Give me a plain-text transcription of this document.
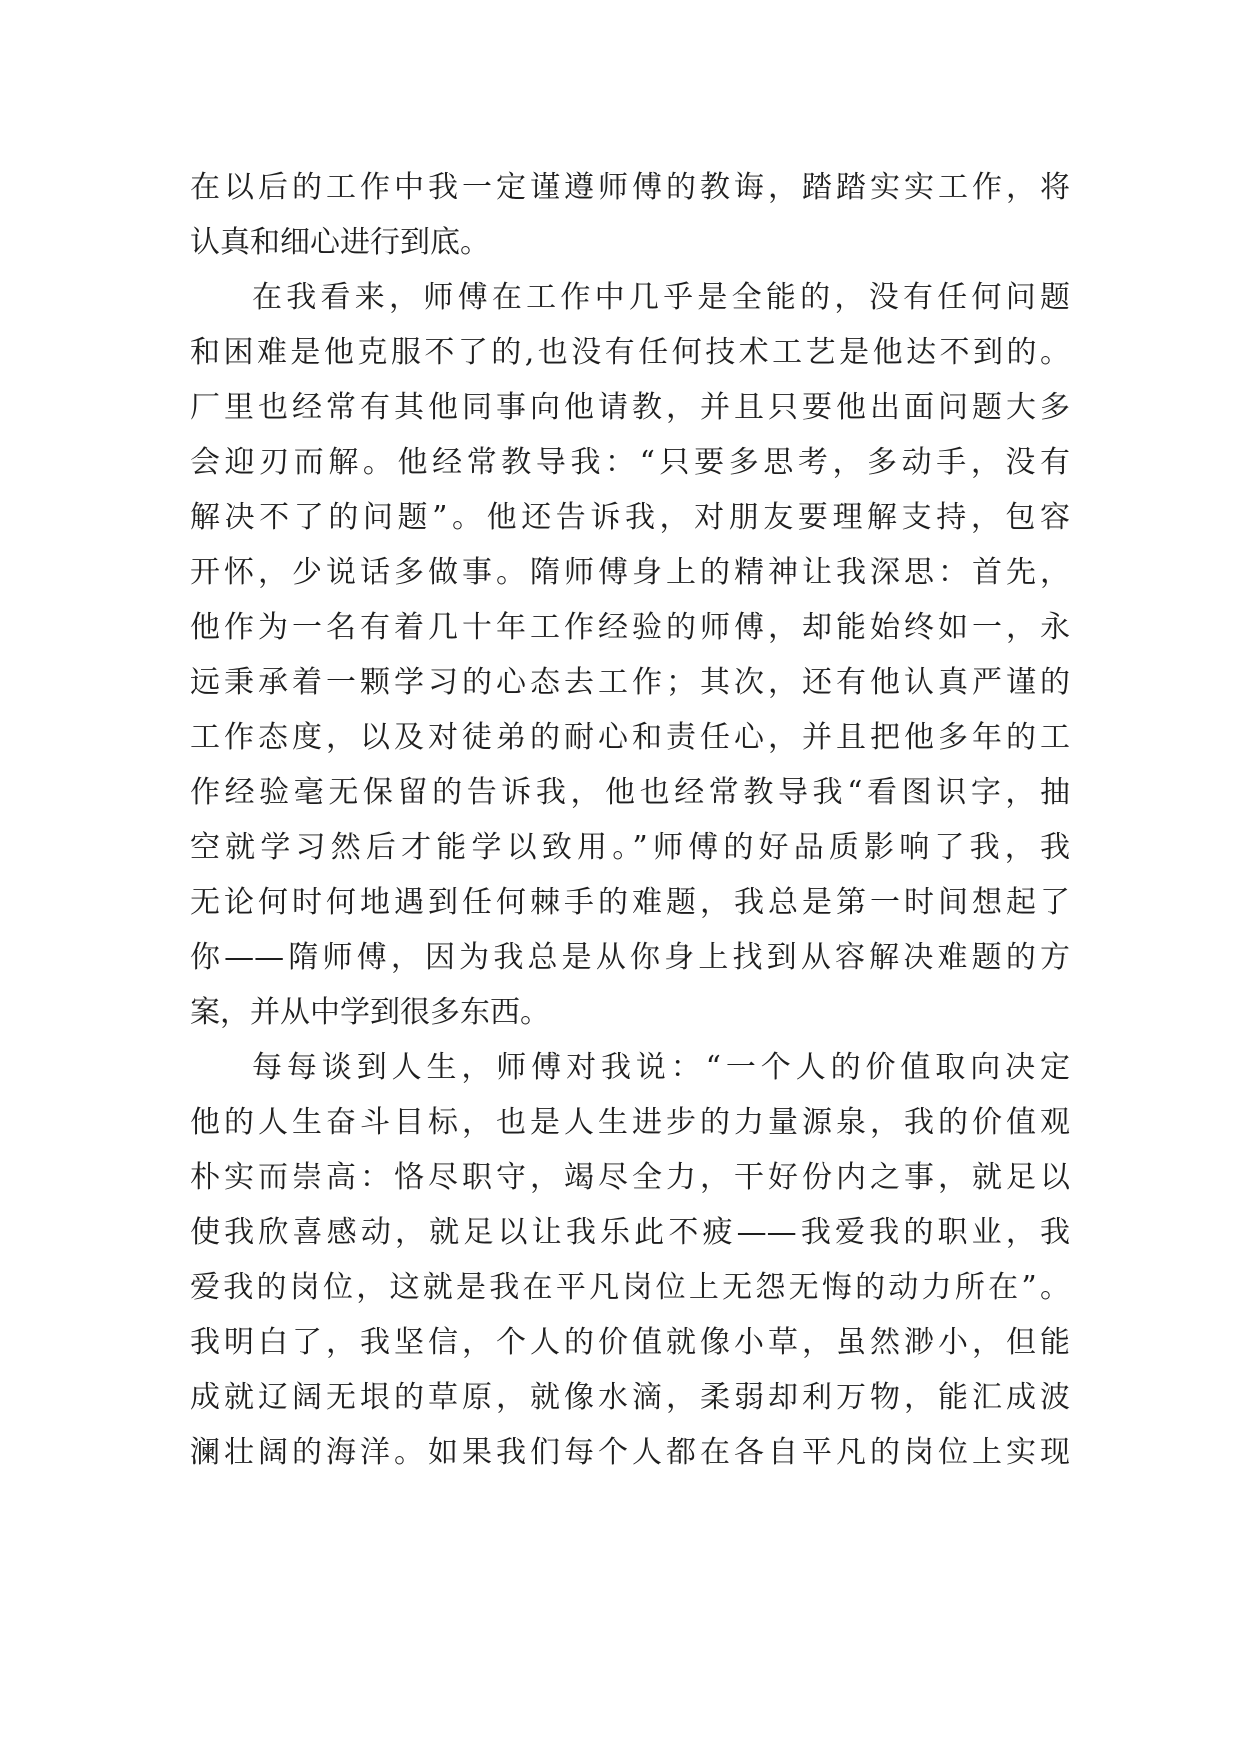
在以后的工作中我一定谨遵师傅的教诲，踏踏实实工作，将
认真和细心进行到底。
在我看来，师傅在工作中几乎是全能的，没有任何问题
和困难是他克服不了的,也没有任何技术工艺是他达不到的。
厂里也经常有其他同事向他请教，并且只要他出面问题大多
会迎刃而解。他经常教导我：“只要多思考，多动手，没有
解决不了的问题”。他还告诉我，对朋友要理解支持，包容
开怀，少说话多做事。隋师傅身上的精神让我深思：首先，
他作为一名有着几十年工作经验的师傅，却能始终如一，永
远秉承着一颗学习的心态去工作；其次，还有他认真严谨的
工作态度，以及对徒弟的耐心和责任心，并且把他多年的工
作经验毫无保留的告诉我，他也经常教导我“看图识字，抽
空就学习然后才能学以致用。”师傅的好品质影响了我，我
无论何时何地遇到任何棘手的难题，我总是第一时间想起了
你——隋师傅，因为我总是从你身上找到从容解决难题的方
案，并从中学到很多东西。
每每谈到人生，师傅对我说：“一个人的价值取向决定
他的人生奋斗目标，也是人生进步的力量源泉，我的价值观
朴实而崇高：恪尽职守，竭尽全力，干好份内之事，就足以
使我欣喜感动，就足以让我乐此不疲——我爱我的职业，我
爱我的岗位，这就是我在平凡岗位上无怨无悔的动力所在”。
我明白了，我坚信，个人的价值就像小草，虽然渺小，但能
成就辽阔无垠的草原，就像水滴，柔弱却利万物，能汇成波
澜壮阔的海洋。如果我们每个人都在各自平凡的岗位上实现
